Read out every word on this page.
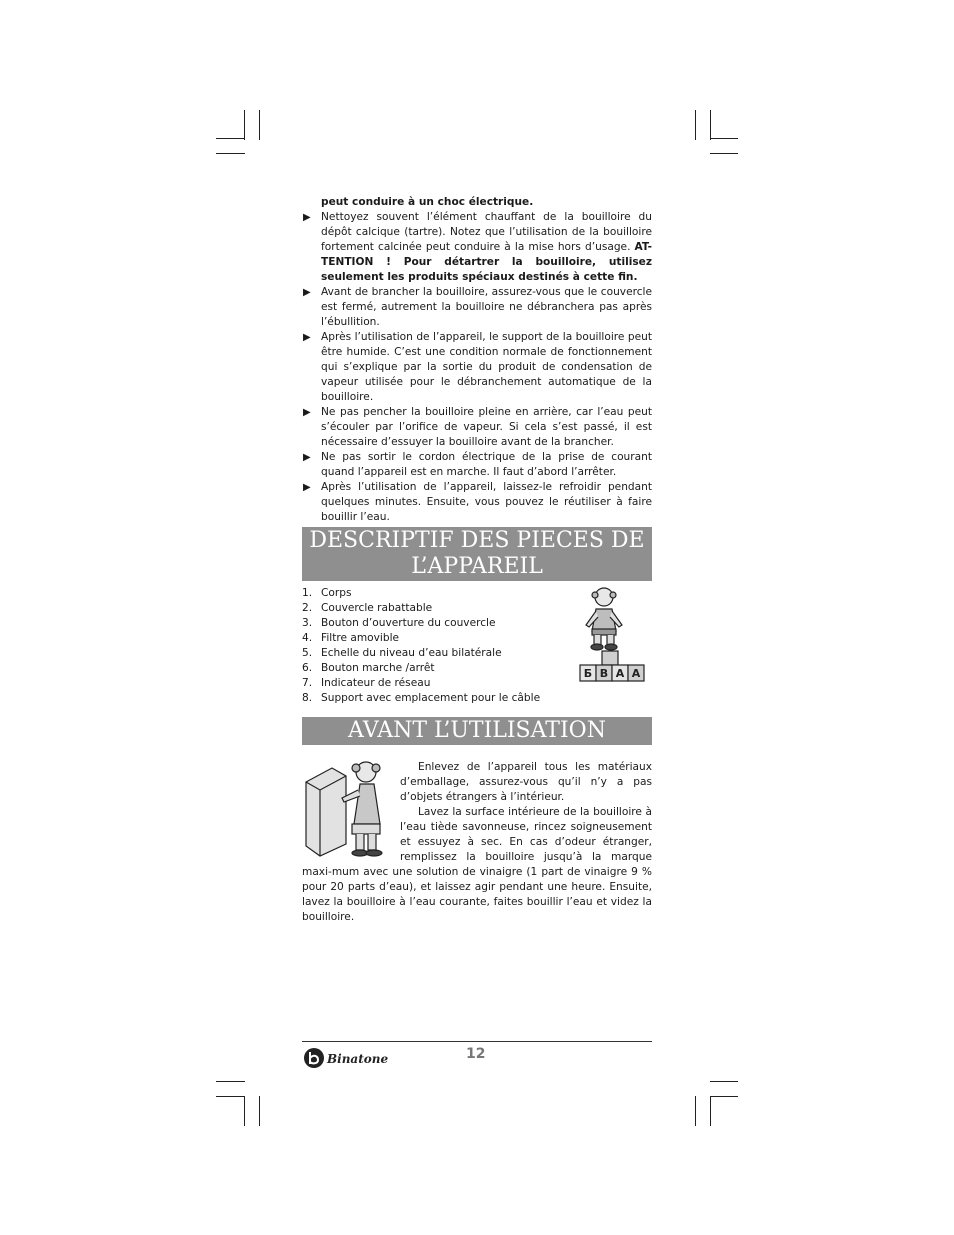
peut conduire à un choc électrique.

▶ Nettoyez souvent l’élément chauffant de la bouilloire du dépôt calcique (tartre). Notez que l’utilisation de la bouilloire fortement calcinée peut conduire à la mise hors d’usage. AT-TENTION ! Pour détartrer la bouilloire, utilisez seulement les produits spéciaux destinés à cette fin.
▶ Avant de brancher la bouilloire, assurez-vous que le couvercle est fermé, autrement la bouilloire ne débranchera pas après l’ébullition.
▶ Après l’utilisation de l’appareil, le support de la bouilloire peut être humide. C’est une condition normale de fonctionnement qui s’explique par la sortie du produit de condensation de vapeur utilisée pour le débranchement automatique de la bouilloire.
▶ Ne pas pencher la bouilloire pleine en arrière, car l’eau peut s’écouler par l’orifice de vapeur. Si cela s’est passé, il est nécessaire d’essuyer la bouilloire avant de la brancher.
▶ Ne pas sortir le cordon électrique de la prise de courant quand l’appareil est en marche. Il faut d’abord l’arrêter.
▶ Après l’utilisation de l’appareil, laissez-le refroidir pendant quelques minutes. Ensuite, vous pouvez le réutiliser à faire bouillir l’eau.
DESCRIPTIF DES PIECES DE
L’APPAREIL
1. Corps
2. Couvercle rabattable
3. Bouton d’ouverture du couvercle
4. Filtre amovible
5. Echelle du niveau d’eau bilatérale
6. Bouton marche /arrêt
7. Indicateur de réseau
8. Support avec emplacement pour le câble
Б B A A
AVANT L’UTILISATION

Enlevez de l’appareil tous les matériaux d’emballage, assurez-vous qu’il n’y a pas d’objets étrangers à l’intérieur.

Lavez la surface intérieure de la bouilloire à l’eau tiède savonneuse, rincez soigneusement et essuyez à sec. En cas d’odeur étranger, remplissez la bouilloire jusqu’à la marque maxi-mum avec une solution de vinaigre (1 part de vinaigre 9 % pour 20 parts d’eau), et laissez agir pendant une heure. Ensuite, lavez la bouilloire à l’eau courante, faites bouillir l’eau et videz la bouilloire.

Binatone	12
